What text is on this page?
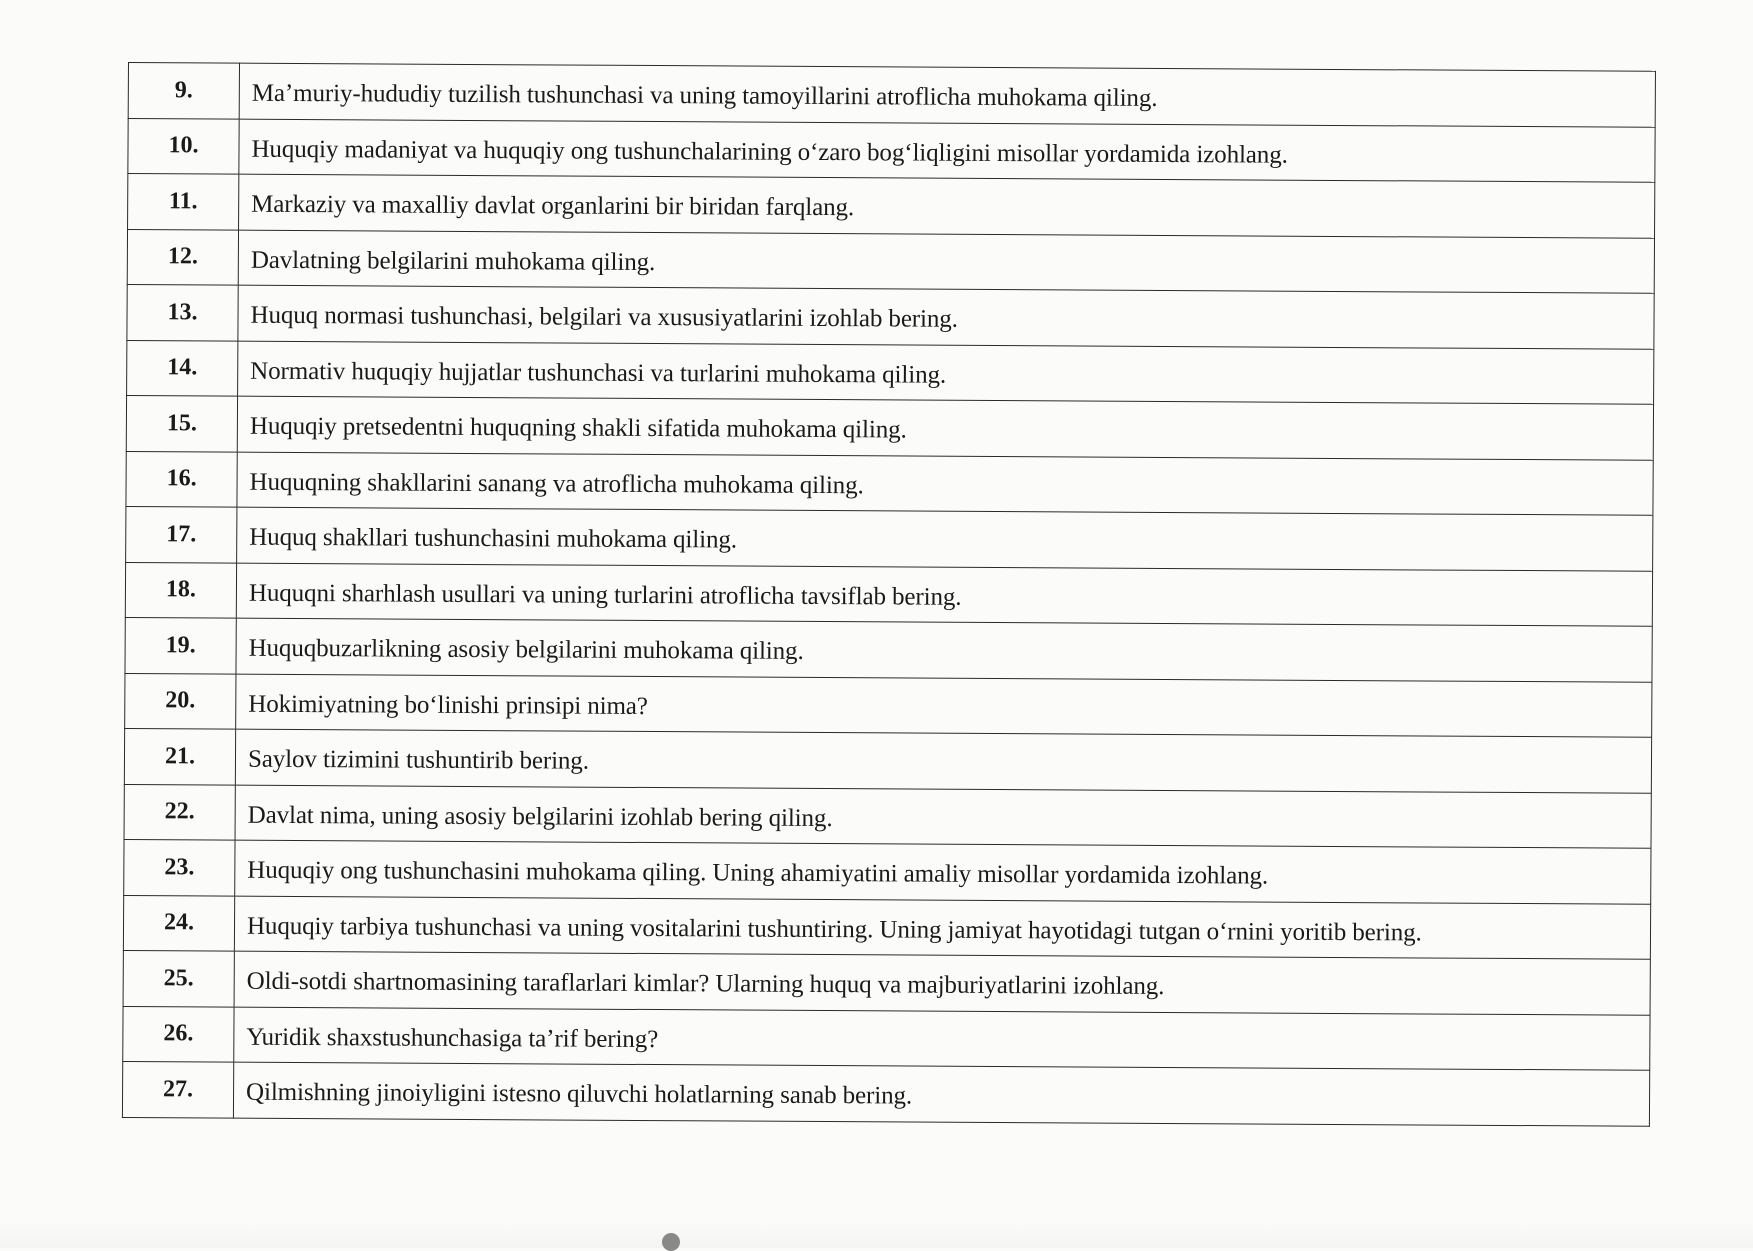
9.	Ma’muriy-hududiy tuzilish tushunchasi va uning tamoyillarini atroflicha muhokama qiling.
10.	Huquqiy madaniyat va huquqiy ong tushunchalarining o‘zaro bog‘liqligini misollar yordamida izohlang.
11.	Markaziy va maxalliy davlat organlarini bir biridan farqlang.
12.	Davlatning belgilarini muhokama qiling.
13.	Huquq normasi tushunchasi, belgilari va xususiyatlarini izohlab bering.
14.	Normativ huquqiy hujjatlar tushunchasi va turlarini muhokama qiling.
15.	Huquqiy pretsedentni huquqning shakli sifatida muhokama qiling.
16.	Huquqning shakllarini sanang va atroflicha muhokama qiling.
17.	Huquq shakllari tushunchasini muhokama qiling.
18.	Huquqni sharhlash usullari va uning turlarini atroflicha tavsiflab bering.
19.	Huquqbuzarlikning asosiy belgilarini muhokama qiling.
20.	Hokimiyatning bo‘linishi prinsipi nima?
21.	Saylov tizimini tushuntirib bering.
22.	Davlat nima, uning asosiy belgilarini izohlab bering qiling.
23.	Huquqiy ong tushunchasini muhokama qiling. Uning ahamiyatini amaliy misollar yordamida izohlang.
24.	Huquqiy tarbiya tushunchasi va uning vositalarini tushuntiring. Uning jamiyat hayotidagi tutgan o‘rnini yoritib bering.
25.	Oldi-sotdi shartnomasining taraflarlari kimlar? Ularning huquq va majburiyatlarini izohlang.
26.	Yuridik shaxstushunchasiga ta’rif bering?
27.	Qilmishning jinoiyligini istesno qiluvchi holatlarning sanab bering.
